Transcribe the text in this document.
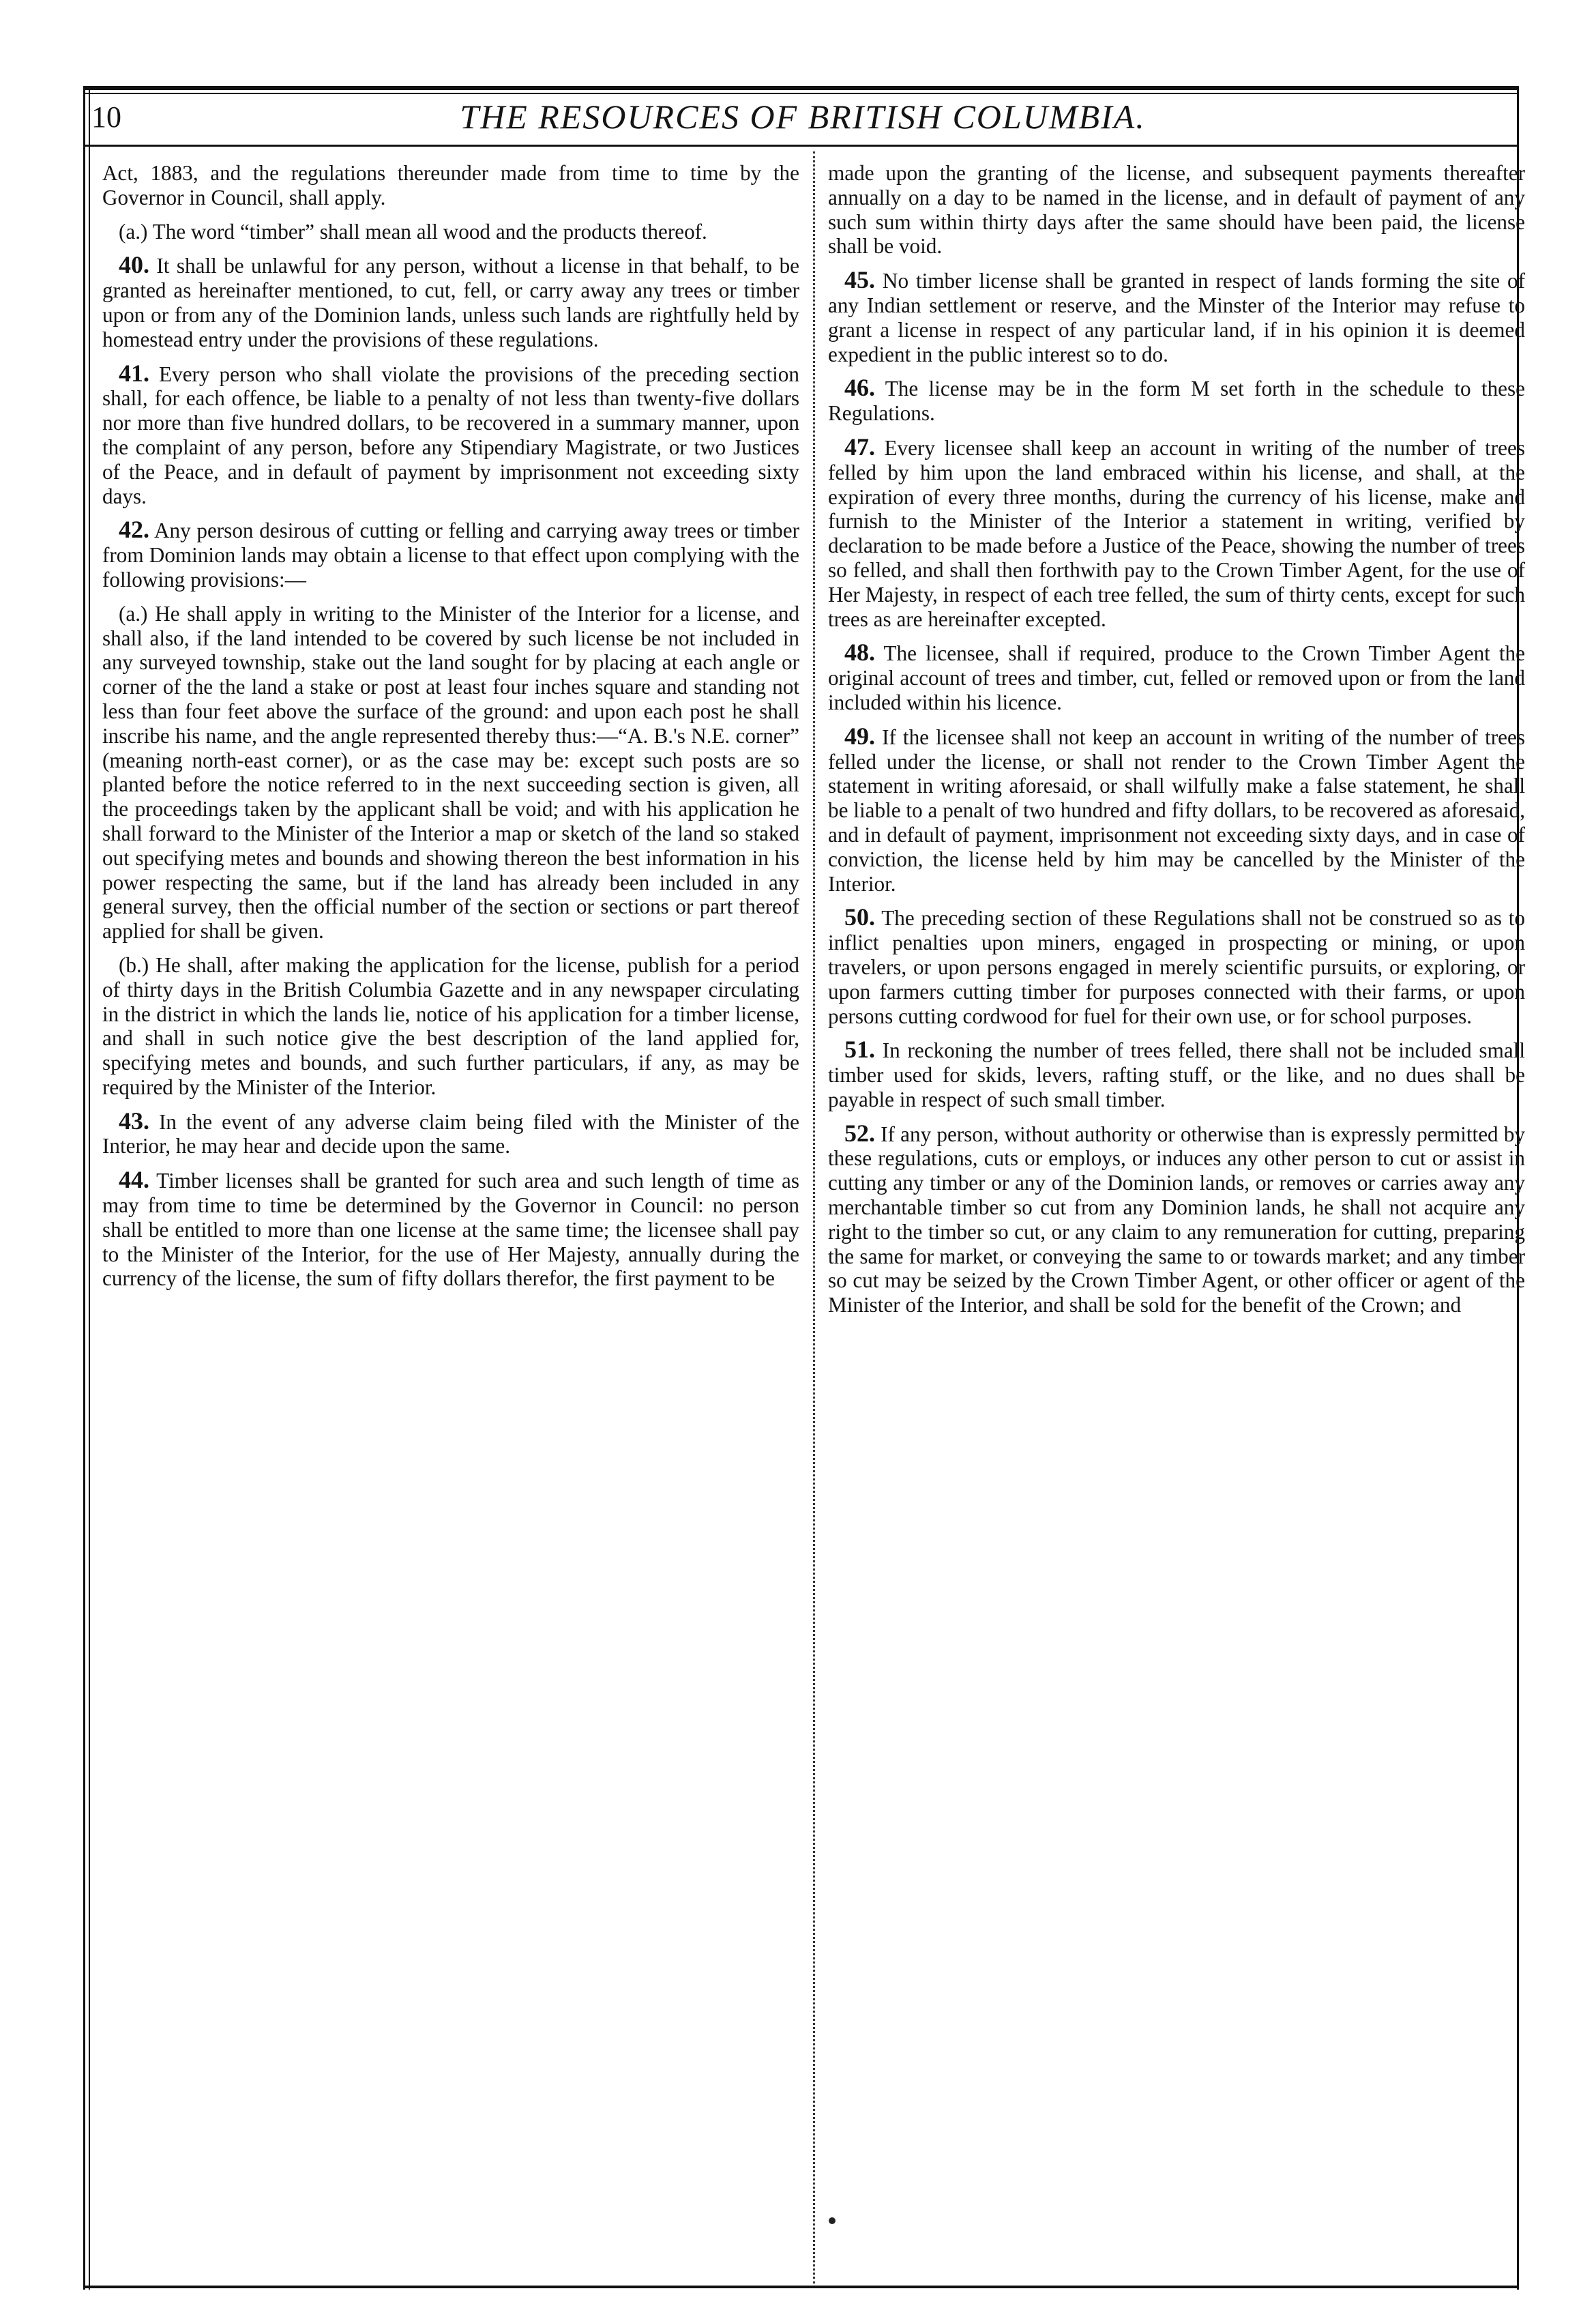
10	THE RESOURCES OF BRITISH COLUMBIA.

Act, 1883, and the regulations thereunder made from time to time by the Governor in Council, shall apply.

(a.) The word “timber” shall mean all wood and the products thereof.

40. It shall be unlawful for any person, without a license in that behalf, to be granted as hereinafter mentioned, to cut, fell, or carry away any trees or timber upon or from any of the Dominion lands, unless such lands are rightfully held by homestead entry under the provisions of these regulations.

41. Every person who shall violate the provisions of the preceding section shall, for each offence, be liable to a penalty of not less than twenty-five dollars nor more than five hundred dollars, to be recovered in a summary manner, upon the complaint of any person, before any Stipendiary Magistrate, or two Justices of the Peace, and in default of payment by imprisonment not exceeding sixty days.

42. Any person desirous of cutting or felling and carrying away trees or timber from Dominion lands may obtain a license to that effect upon complying with the following provisions:—

(a.) He shall apply in writing to the Minister of the Interior for a license, and shall also, if the land intended to be covered by such license be not included in any surveyed township, stake out the land sought for by placing at each angle or corner of the the land a stake or post at least four inches square and standing not less than four feet above the surface of the ground: and upon each post he shall inscribe his name, and the angle represented thereby thus:—“A. B.'s N.E. corner” (meaning north-east corner), or as the case may be: except such posts are so planted before the notice referred to in the next succeeding section is given, all the proceedings taken by the applicant shall be void; and with his application he shall forward to the Minister of the Interior a map or sketch of the land so staked out specifying metes and bounds and showing thereon the best information in his power respecting the same, but if the land has already been included in any general survey, then the official number of the section or sections or part thereof applied for shall be given.

(b.) He shall, after making the application for the license, publish for a period of thirty days in the British Columbia Gazette and in any newspaper circulating in the district in which the lands lie, notice of his application for a timber license, and shall in such notice give the best description of the land applied for, specifying metes and bounds, and such further particulars, if any, as may be required by the Minister of the Interior.

43. In the event of any adverse claim being filed with the Minister of the Interior, he may hear and decide upon the same.

44. Timber licenses shall be granted for such area and such length of time as may from time to time be determined by the Governor in Council: no person shall be entitled to more than one license at the same time; the licensee shall pay to the Minister of the Interior, for the use of Her Majesty, annually during the currency of the license, the sum of fifty dollars therefor, the first payment to be

made upon the granting of the license, and subsequent payments thereafter annually on a day to be named in the license, and in default of payment of any such sum within thirty days after the same should have been paid, the license shall be void.

45. No timber license shall be granted in respect of lands forming the site of any Indian settlement or reserve, and the Minster of the Interior may refuse to grant a license in respect of any particular land, if in his opinion it is deemed expedient in the public interest so to do.

46. The license may be in the form M set forth in the schedule to these Regulations.

47. Every licensee shall keep an account in writing of the number of trees felled by him upon the land embraced within his license, and shall, at the expiration of every three months, during the currency of his license, make and furnish to the Minister of the Interior a statement in writing, verified by declaration to be made before a Justice of the Peace, showing the number of trees so felled, and shall then forthwith pay to the Crown Timber Agent, for the use of Her Majesty, in respect of each tree felled, the sum of thirty cents, except for such trees as are hereinafter excepted.

48. The licensee, shall if required, produce to the Crown Timber Agent the original account of trees and timber, cut, felled or removed upon or from the land included within his licence.

49. If the licensee shall not keep an account in writing of the number of trees felled under the license, or shall not render to the Crown Timber Agent the statement in writing aforesaid, or shall wilfully make a false statement, he shall be liable to a penalt of two hundred and fifty dollars, to be recovered as aforesaid, and in default of payment, imprisonment not exceeding sixty days, and in case of conviction, the license held by him may be cancelled by the Minister of the Interior.

50. The preceding section of these Regulations shall not be construed so as to inflict penalties upon miners, engaged in prospecting or mining, or upon travelers, or upon persons engaged in merely scientific pursuits, or exploring, or upon farmers cutting timber for purposes connected with their farms, or upon persons cutting cordwood for fuel for their own use, or for school purposes.

51. In reckoning the number of trees felled, there shall not be included small timber used for skids, levers, rafting stuff, or the like, and no dues shall be payable in respect of such small timber.

52. If any person, without authority or otherwise than is expressly permitted by these regulations, cuts or employs, or induces any other person to cut or assist in cutting any timber or any of the Dominion lands, or removes or carries away any merchantable timber so cut from any Dominion lands, he shall not acquire any right to the timber so cut, or any claim to any remuneration for cutting, preparing the same for market, or conveying the same to or towards market; and any timber so cut may be seized by the Crown Timber Agent, or other officer or agent of the Minister of the Interior, and shall be sold for the benefit of the Crown; and
